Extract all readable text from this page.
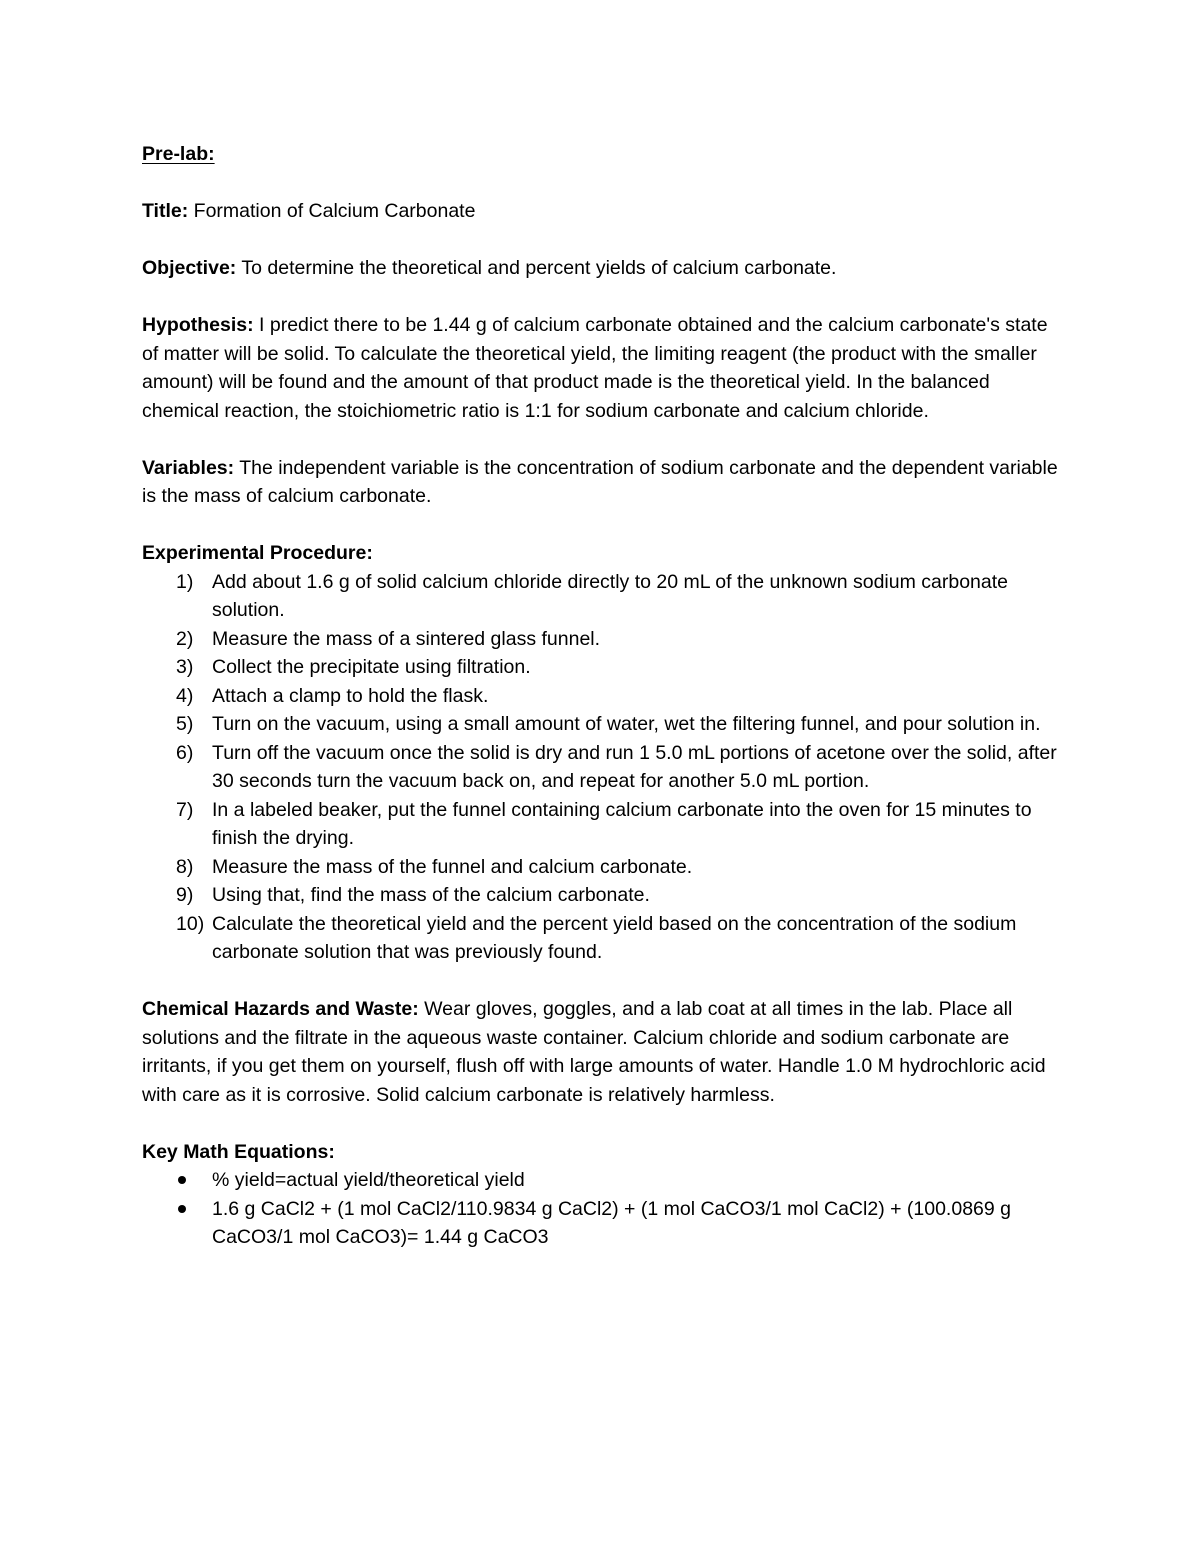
Pre-lab:

Title: Formation of Calcium Carbonate

Objective: To determine the theoretical and percent yields of calcium carbonate.

Hypothesis: I predict there to be 1.44 g of calcium carbonate obtained and the calcium carbonate's state of matter will be solid. To calculate the theoretical yield, the limiting reagent (the product with the smaller amount) will be found and the amount of that product made is the theoretical yield. In the balanced chemical reaction, the stoichiometric ratio is 1:1 for sodium carbonate and calcium chloride.

Variables: The independent variable is the concentration of sodium carbonate and the dependent variable is the mass of calcium carbonate.

Experimental Procedure:

1) Add about 1.6 g of solid calcium chloride directly to 20 mL of the unknown sodium carbonate solution.
2) Measure the mass of a sintered glass funnel.
3) Collect the precipitate using filtration.
4) Attach a clamp to hold the flask.
5) Turn on the vacuum, using a small amount of water, wet the filtering funnel, and pour solution in.
6) Turn off the vacuum once the solid is dry and run 1 5.0 mL portions of acetone over the solid, after 30 seconds turn the vacuum back on, and repeat for another 5.0 mL portion.
7) In a labeled beaker, put the funnel containing calcium carbonate into the oven for 15 minutes to finish the drying.
8) Measure the mass of the funnel and calcium carbonate.
9) Using that, find the mass of the calcium carbonate.
10) Calculate the theoretical yield and the percent yield based on the concentration of the sodium carbonate solution that was previously found.

Chemical Hazards and Waste: Wear gloves, goggles, and a lab coat at all times in the lab. Place all solutions and the filtrate in the aqueous waste container. Calcium chloride and sodium carbonate are irritants, if you get them on yourself, flush off with large amounts of water. Handle 1.0 M hydrochloric acid with care as it is corrosive. Solid calcium carbonate is relatively harmless.

Key Math Equations:

% yield=actual yield/theoretical yield
1.6 g CaCl2 + (1 mol CaCl2/110.9834 g CaCl2) + (1 mol CaCO3/1 mol CaCl2) + (100.0869 g CaCO3/1 mol CaCO3)= 1.44 g CaCO3
